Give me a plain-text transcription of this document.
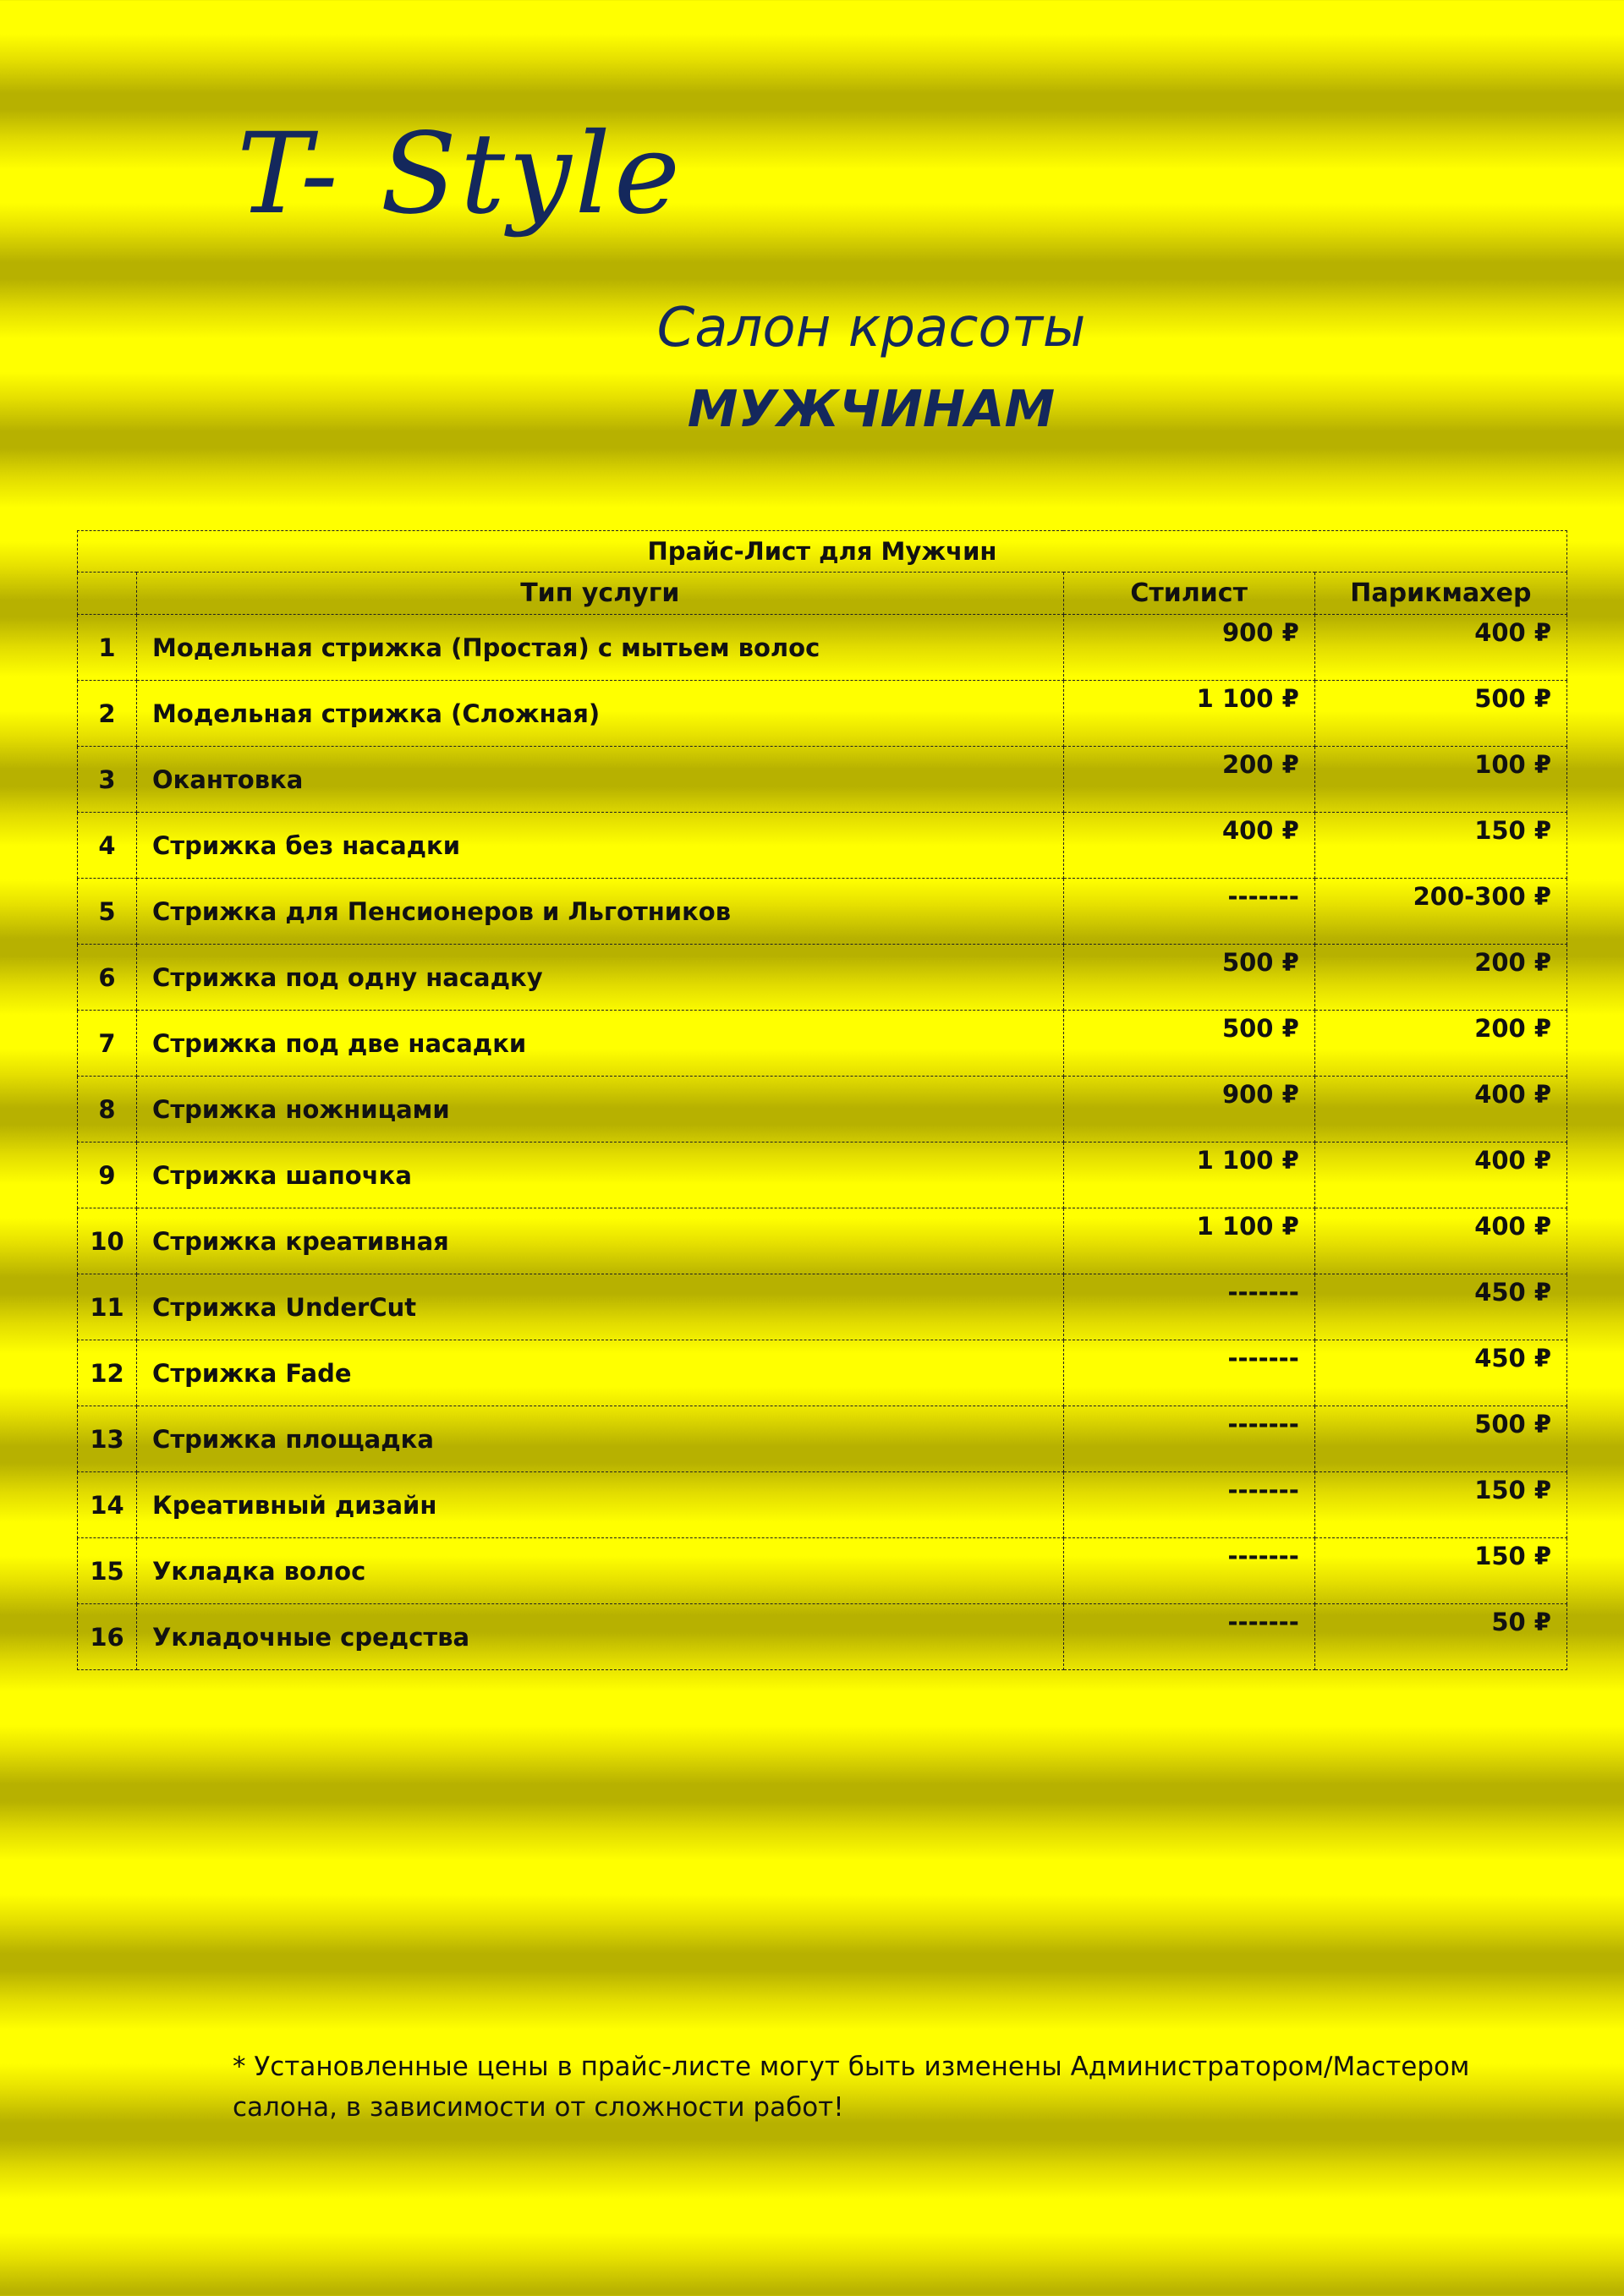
T- Style
Салон красоты
МУЖЧИНАМ
Прайс-Лист для Мужчин			
	Тип услуги	Стилист	Парикмахер
1	Модельная стрижка (Простая) с мытьем волос	900 ₽	400 ₽
2	Модельная стрижка (Сложная)	1 100 ₽	500 ₽
3	Окантовка	200 ₽	100 ₽
4	Стрижка без насадки	400 ₽	150 ₽
5	Стрижка для Пенсионеров и Льготников	-------	200-300 ₽
6	Стрижка под одну насадку	500 ₽	200 ₽
7	Стрижка под две насадки	500 ₽	200 ₽
8	Стрижка ножницами	900 ₽	400 ₽
9	Стрижка шапочка	1 100 ₽	400 ₽
10	Стрижка креативная	1 100 ₽	400 ₽
11	Стрижка UnderCut	-------	450 ₽
12	Стрижка Fade	-------	450 ₽
13	Стрижка площадка	-------	500 ₽
14	Креативный дизайн	-------	150 ₽
15	Укладка волос	-------	150 ₽
16	Укладочные средства	-------	50 ₽
* Установленные цены в прайс-листе могут быть изменены Администратором/Мастером салона, в зависимости от сложности работ!
